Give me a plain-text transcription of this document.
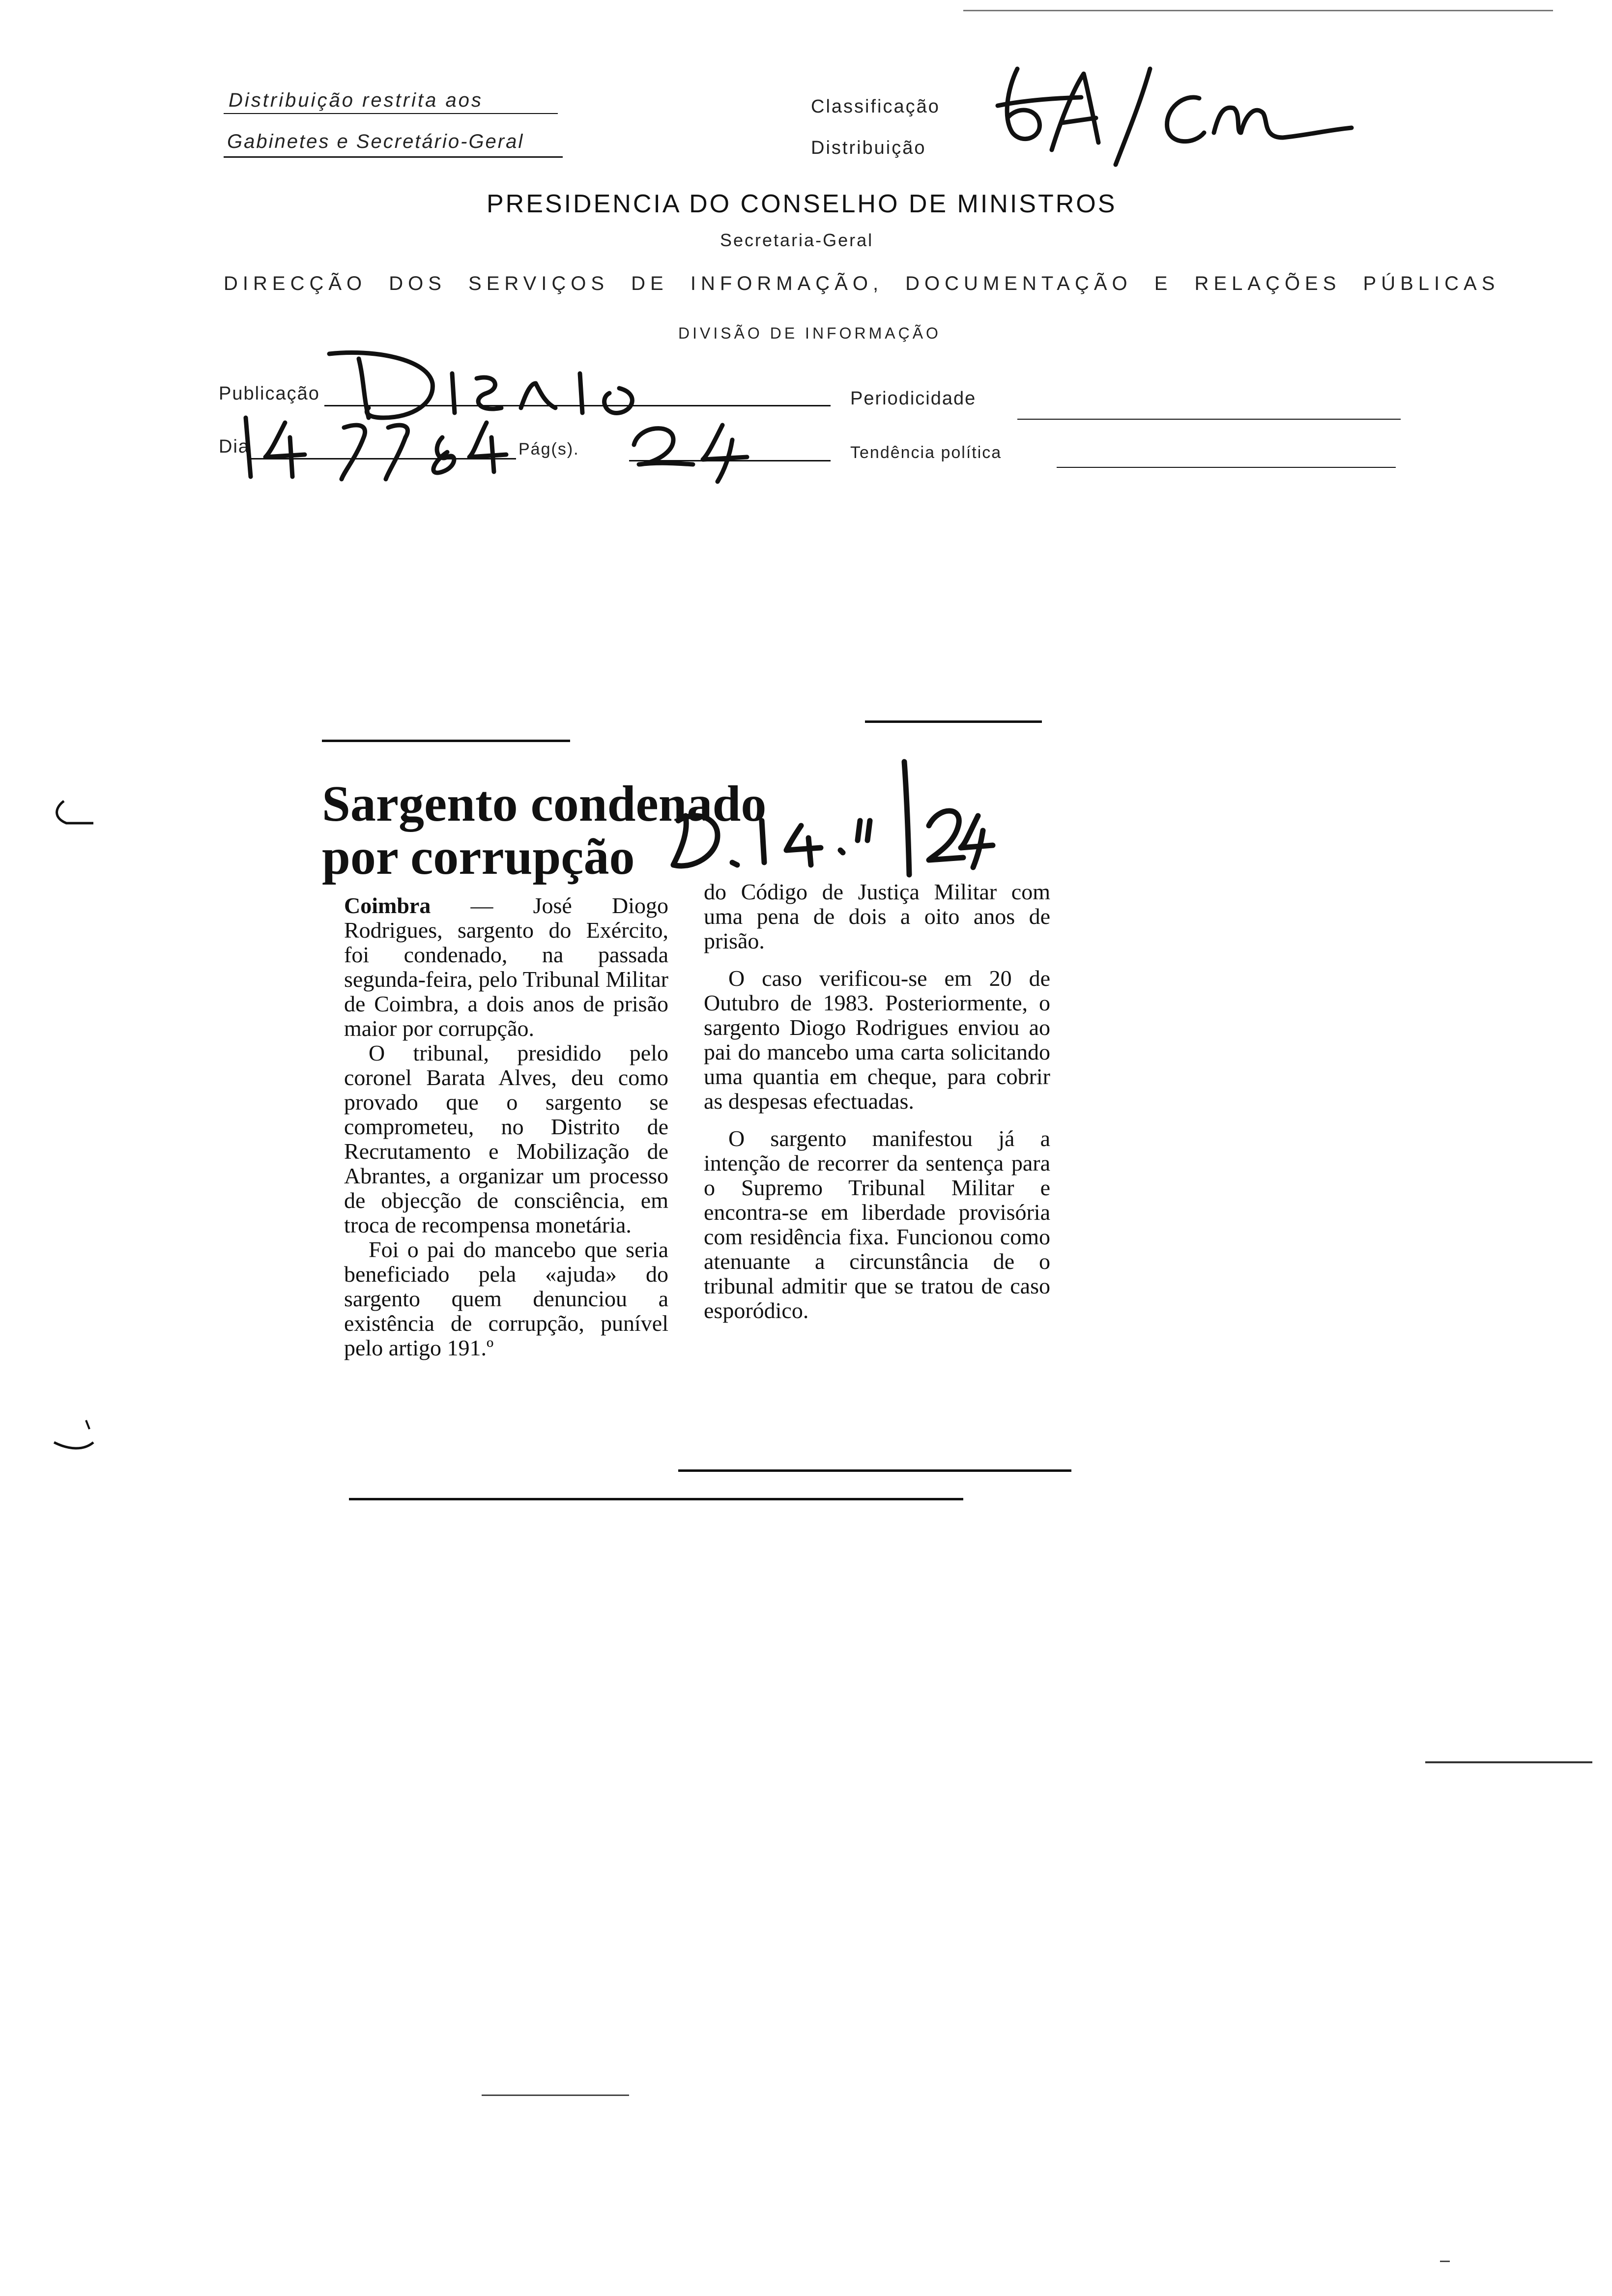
Distribuição restrita aos
Gabinetes e Secretário-Geral
Classificação
Distribuição
PRESIDENCIA DO CONSELHO DE MINISTROS
Secretaria-Geral
DIRECÇÃO DOS SERVIÇOS DE INFORMAÇÃO, DOCUMENTAÇÃO E RELAÇÕES PÚBLICAS
DIVISÃO DE INFORMAÇÃO
Publicação	Periodicidade
Dia	Pág(s).	Tendência política
Sargento condenado
por corrupção

Coimbra — José Diogo Rodrigues, sargento do Exército, foi condenado, na passada segunda-feira, pelo Tribunal Militar de Coimbra, a dois anos de prisão maior por corrupção.

O tribunal, presidido pelo coronel Barata Alves, deu como provado que o sargento se comprometeu, no Distrito de Recrutamento e Mobilização de Abrantes, a organizar um processo de objecção de consciência, em troca de recompensa monetária.

Foi o pai do mancebo que seria beneficiado pela «ajuda» do sargento quem denunciou a existência de corrupção, punível pelo artigo 191.º

do Código de Justiça Militar com uma pena de dois a oito anos de prisão.

O caso verificou-se em 20 de Outubro de 1983. Posteriormente, o sargento Diogo Rodrigues enviou ao pai do mancebo uma carta solicitando uma quantia em cheque, para cobrir as despesas efectuadas.

O sargento manifestou já a intenção de recorrer da sentença para o Supremo Tribunal Militar e encontra-se em liberdade provisória com residência fixa. Funcionou como atenuante a circunstância de o tribunal admitir que se tratou de caso esporódico.
